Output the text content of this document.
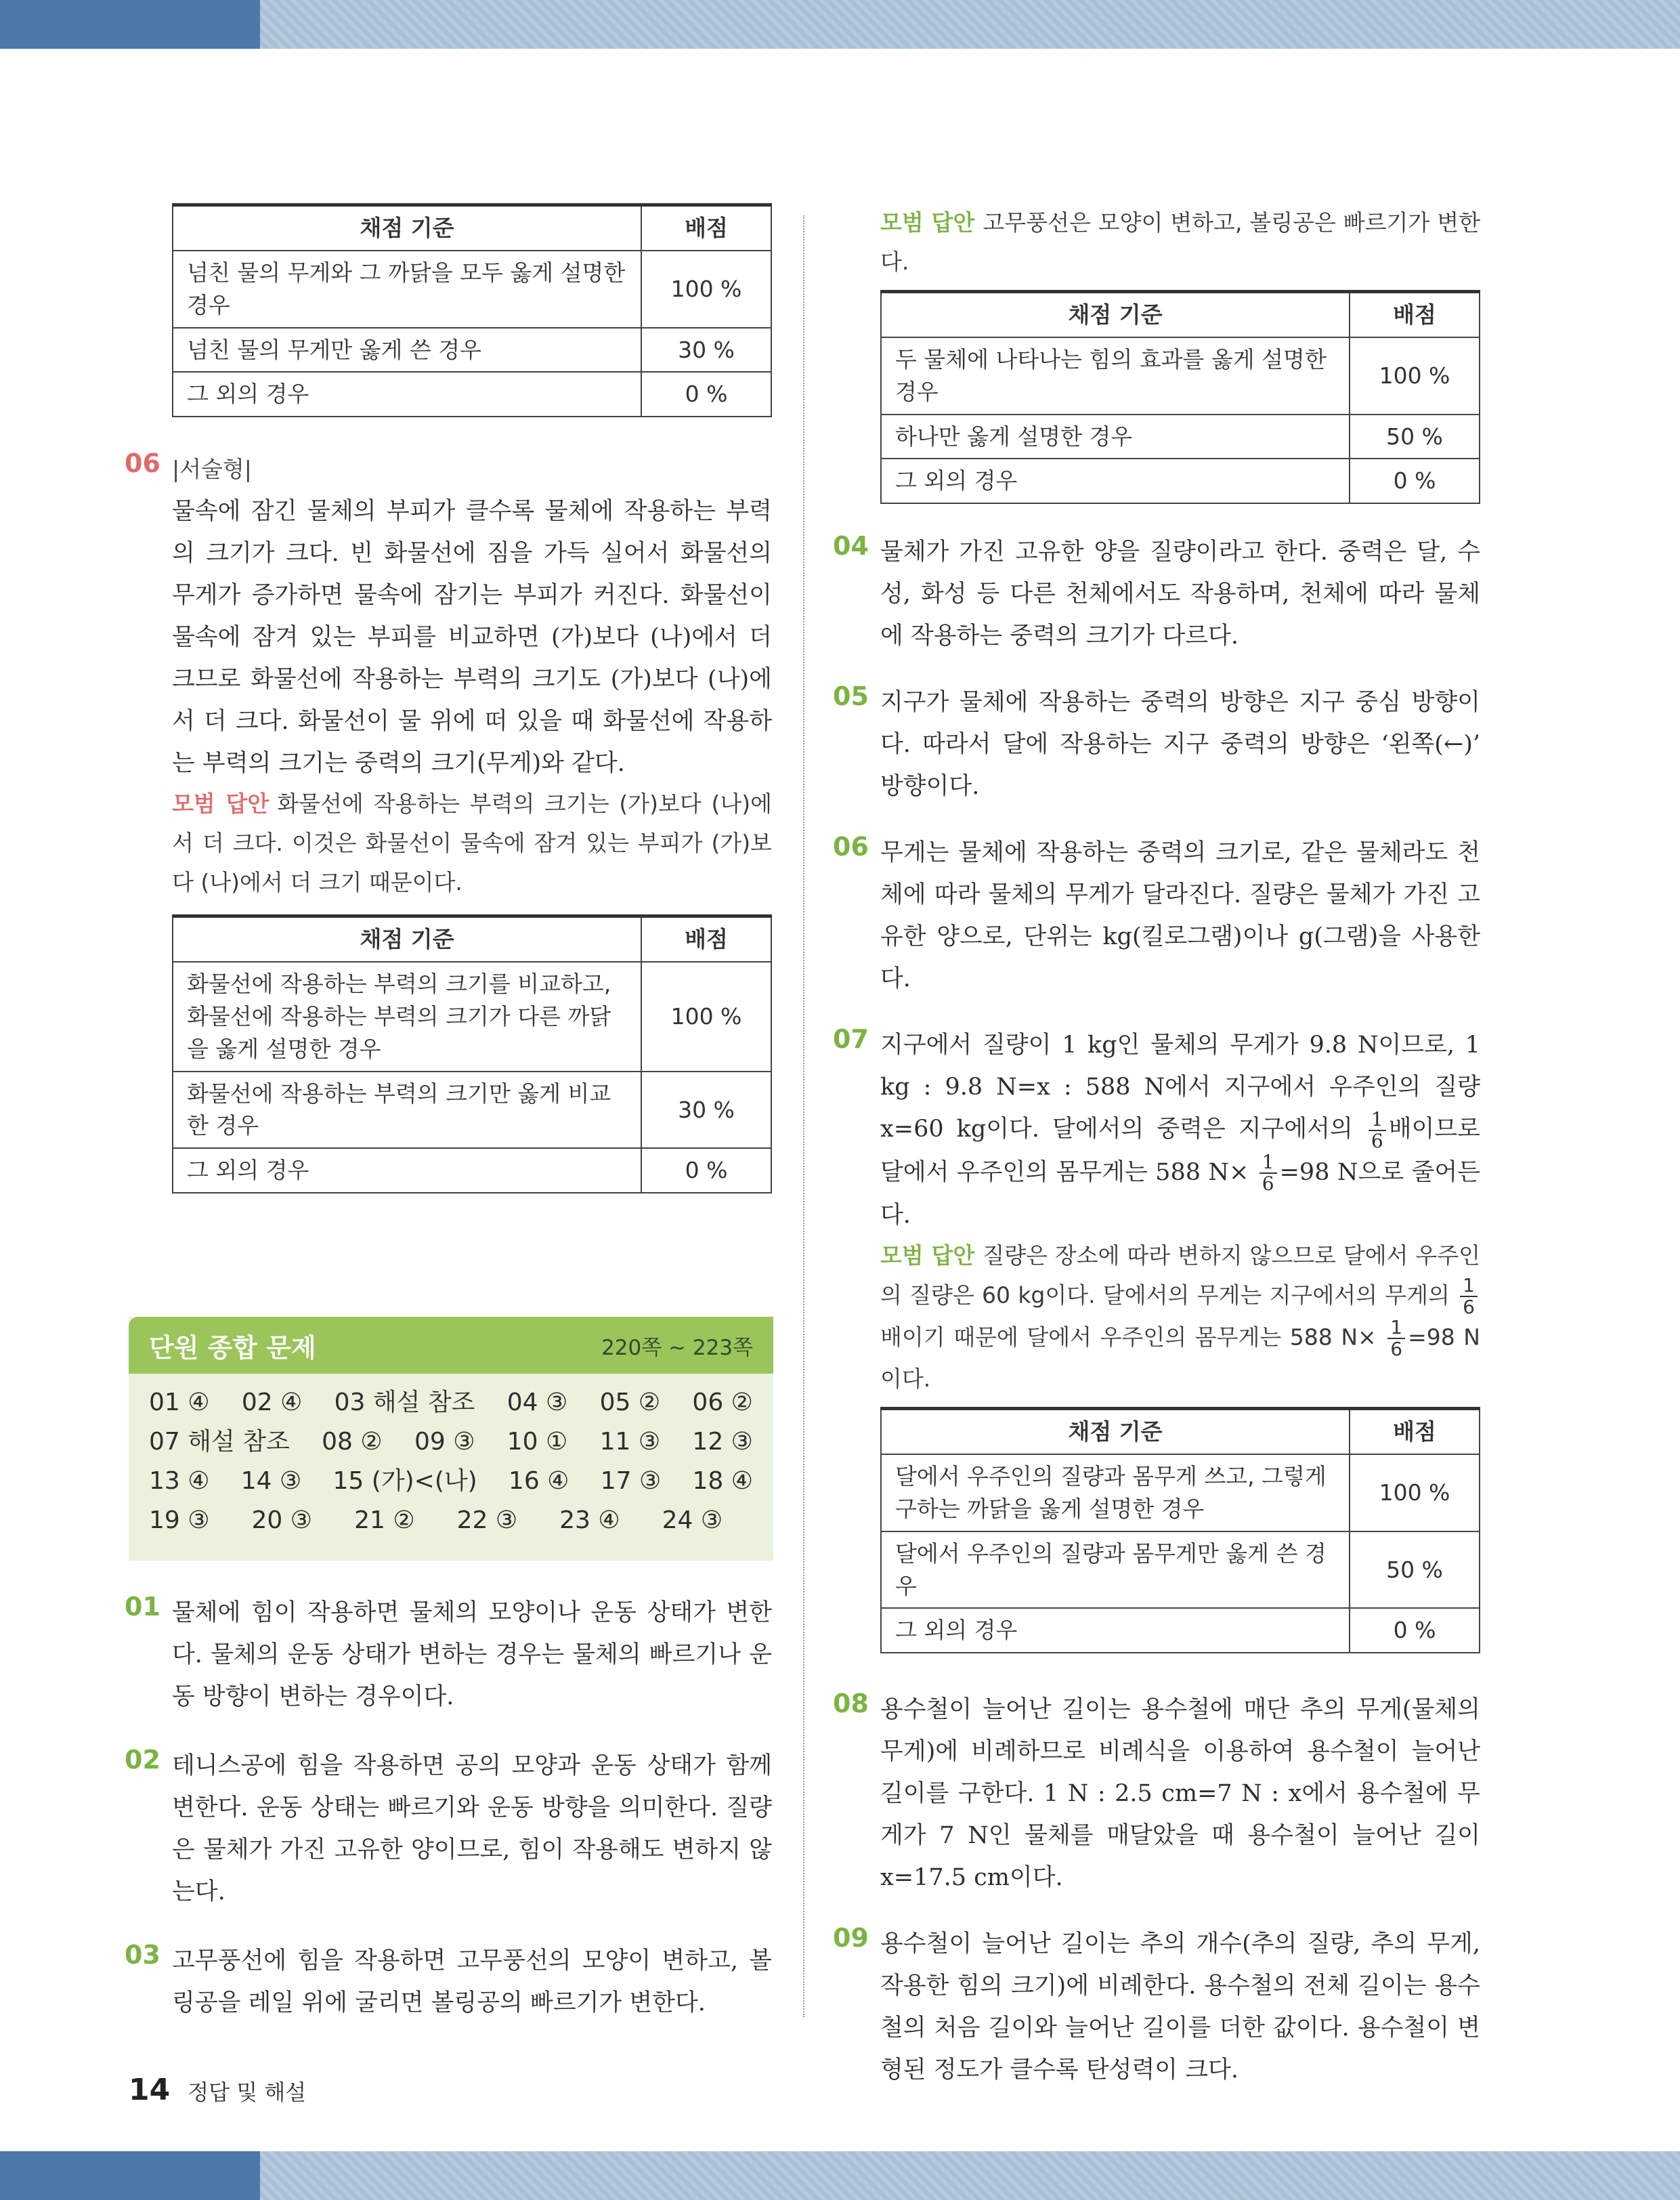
채점 기준	배점
넘친 물의 무게와 그 까닭을 모두 옳게 설명한 경우	100 %
넘친 물의 무게만 옳게 쓴 경우	30 %
그 외의 경우	0 %
06 |서술형|

물속에 잠긴 물체의 부피가 클수록 물체에 작용하는 부력의 크기가 크다. 빈 화물선에 짐을 가득 실어서 화물선의 무게가 증가하면 물속에 잠기는 부피가 커진다. 화물선이 물속에 잠겨 있는 부피를 비교하면 (가)보다 (나)에서 더 크므로 화물선에 작용하는 부력의 크기도 (가)보다 (나)에서 더 크다. 화물선이 물 위에 떠 있을 때 화물선에 작용하는 부력의 크기는 중력의 크기(무게)와 같다.

모범 답안 화물선에 작용하는 부력의 크기는 (가)보다 (나)에서 더 크다. 이것은 화물선이 물속에 잠겨 있는 부피가 (가)보다 (나)에서 더 크기 때문이다.

채점 기준	배점
화물선에 작용하는 부력의 크기를 비교하고, 화물선에 작용하는 부력의 크기가 다른 까닭을 옳게 설명한 경우	100 %
화물선에 작용하는 부력의 크기만 옳게 비교한 경우	30 %
그 외의 경우	0 %
단원 종합 문제	220쪽 ~ 223쪽
01 ④ 02 ④ 03 해설 참조 04 ③ 05 ② 06 ②
07 해설 참조 08 ② 09 ③ 10 ① 11 ③ 12 ③
13 ④ 14 ③ 15 (가)<(나) 16 ④ 17 ③ 18 ④
19 ③ 20 ③ 21 ② 22 ③ 23 ④ 24 ③
01 물체에 힘이 작용하면 물체의 모양이나 운동 상태가 변한다. 물체의 운동 상태가 변하는 경우는 물체의 빠르기나 운동 방향이 변하는 경우이다.

02 테니스공에 힘을 작용하면 공의 모양과 운동 상태가 함께 변한다. 운동 상태는 빠르기와 운동 방향을 의미한다. 질량은 물체가 가진 고유한 양이므로, 힘이 작용해도 변하지 않는다.

03 고무풍선에 힘을 작용하면 고무풍선의 모양이 변하고, 볼링공을 레일 위에 굴리면 볼링공의 빠르기가 변한다.

모범 답안 고무풍선은 모양이 변하고, 볼링공은 빠르기가 변한다.

채점 기준	배점
두 물체에 나타나는 힘의 효과를 옳게 설명한 경우	100 %
하나만 옳게 설명한 경우	50 %
그 외의 경우	0 %
04 물체가 가진 고유한 양을 질량이라고 한다. 중력은 달, 수성, 화성 등 다른 천체에서도 작용하며, 천체에 따라 물체에 작용하는 중력의 크기가 다르다.

05 지구가 물체에 작용하는 중력의 방향은 지구 중심 방향이다. 따라서 달에 작용하는 지구 중력의 방향은 ‘왼쪽(←)’ 방향이다.

06 무게는 물체에 작용하는 중력의 크기로, 같은 물체라도 천체에 따라 물체의 무게가 달라진다. 질량은 물체가 가진 고유한 양으로, 단위는 kg(킬로그램)이나 g(그램)을 사용한다.

07 지구에서 질량이 1 kg인 물체의 무게가 9.8 N이므로, 1 kg : 9.8 N=x : 588 N에서 지구에서 우주인의 질량 x=60 kg이다. 달에서의 중력은 지구에서의 $\frac{1}{6}$ 배이므로 달에서 우주인의 몸무게는 588 $N\times \frac{1}{6} =98$ N으로 줄어든다.

모범 답안 질량은 장소에 따라 변하지 않으므로 달에서 우주인의 질량은 60 kg이다. 달에서의 무게는 지구에서의 무게의 $\frac{1}{6}$
배이기 때문에 달에서 우주인의 몸무게는 588 $N\times \frac{1}{6} =98$ N이다.

채점 기준	배점
달에서 우주인의 질량과 몸무게 쓰고, 그렇게 구하는 까닭을 옳게 설명한 경우	100 %
달에서 우주인의 질량과 몸무게만 옳게 쓴 경우	50 %
그 외의 경우	0 %
08 용수철이 늘어난 길이는 용수철에 매단 추의 무게(물체의 무게)에 비례하므로 비례식을 이용하여 용수철이 늘어난 길이를 구한다. 1 N : 2.5 cm=7 N : x에서 용수철에 무게가 7 N인 물체를 매달았을 때 용수철이 늘어난 길이 x=17.5 cm이다.

09 용수철이 늘어난 길이는 추의 개수(추의 질량, 추의 무게, 작용한 힘의 크기)에 비례한다. 용수철의 전체 길이는 용수철의 처음 길이와 늘어난 길이를 더한 값이다. 용수철이 변형된 정도가 클수록 탄성력이 크다.

14 정답 및 해설
